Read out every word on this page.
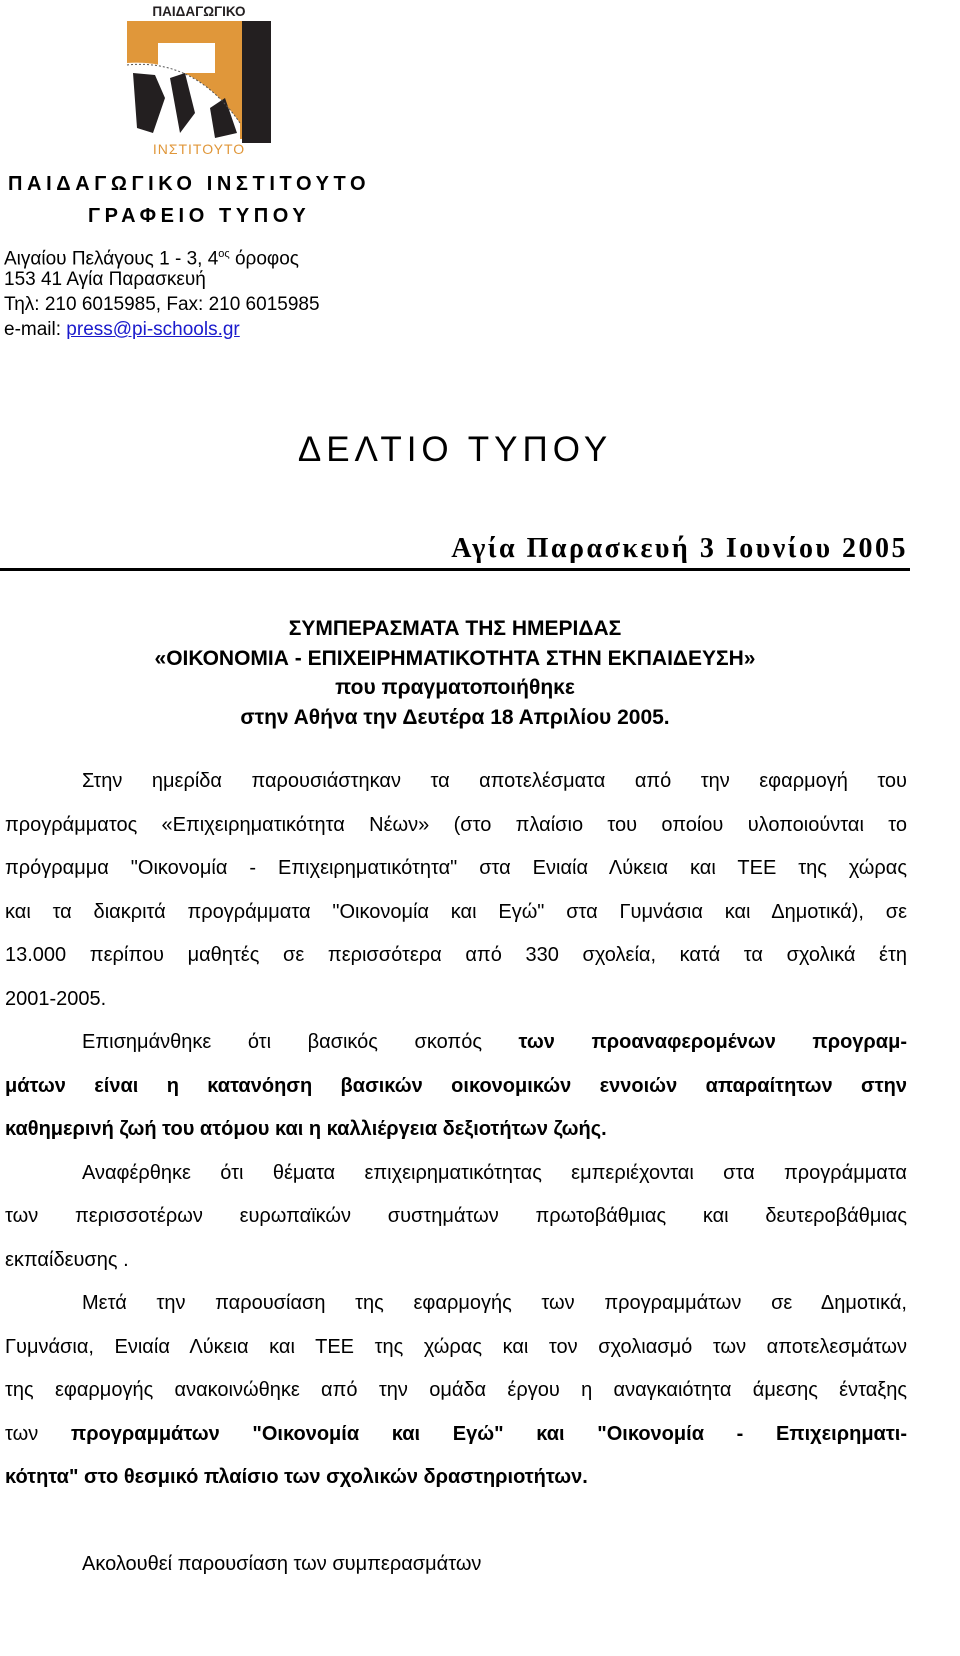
ΠΑΙΔΑΓΩΓΙΚΟ
ΙΝΣΤΙΤΟΥΤΟ
ΠΑΙΔΑΓΩΓΙΚΟ ΙΝΣΤΙΤΟΥΤΟ
ΓΡΑΦΕΙΟ ΤΥΠΟΥ
Αιγαίου Πελάγους 1 - 3, $4^{o\varsigma}$ όροφος
153 41 Αγία Παρασκευή
Τηλ: 210 6015985, Fax: 210 6015985
e-mail: press@pi-schools.gr
ΔΕΛΤΙΟ ΤΥΠΟΥ
Αγία Παρασκευή 3 Ιουνίου 2005
ΣΥΜΠΕΡΑΣΜΑΤΑ ΤΗΣ ΗΜΕΡΙΔΑΣ
«ΟΙΚΟΝΟΜΙΑ - ΕΠΙΧΕΙΡΗΜΑΤΙΚΟΤΗΤΑ ΣΤΗΝ ΕΚΠΑΙΔΕΥΣΗ»
που πραγματοποιήθηκε
στην Αθήνα την Δευτέρα 18 Απριλίου 2005.
Στην ημερίδα παρουσιάστηκαν τα αποτελέσματα από την εφαρμογή του
προγράμματος «Επιχειρηματικότητα Νέων» (στο πλαίσιο του οποίου υλοποιούνται το
πρόγραμμα "Οικονομία - Επιχειρηματικότητα" στα Ενιαία Λύκεια και ΤΕΕ της χώρας
και τα διακριτά προγράμματα "Οικονομία και Εγώ" στα Γυμνάσια και Δημοτικά), σε
13.000 περίπου μαθητές σε περισσότερα από 330 σχολεία, κατά τα σχολικά έτη
2001-2005.
Επισημάνθηκε ότι βασικός σκοπός των προαναφερομένων προγραμ-
μάτων είναι η κατανόηση βασικών οικονομικών εννοιών απαραίτητων στην
καθημερινή ζωή του ατόμου και η καλλιέργεια δεξιοτήτων ζωής.
Αναφέρθηκε ότι θέματα επιχειρηματικότητας εμπεριέχονται στα προγράμματα
των περισσοτέρων ευρωπαϊκών συστημάτων πρωτοβάθμιας και δευτεροβάθμιας
εκπαίδευσης .
Μετά την παρουσίαση της εφαρμογής των προγραμμάτων σε Δημοτικά,
Γυμνάσια, Ενιαία Λύκεια και ΤΕΕ της χώρας και τον σχολιασμό των αποτελεσμάτων
της εφαρμογής ανακοινώθηκε από την ομάδα έργου η αναγκαιότητα άμεσης ένταξης
των προγραμμάτων "Οικονομία και Εγώ" και "Οικονομία - Επιχειρηματι-
κότητα" στο θεσμικό πλαίσιο των σχολικών δραστηριοτήτων.
Ακολουθεί παρουσίαση των συμπερασμάτων
